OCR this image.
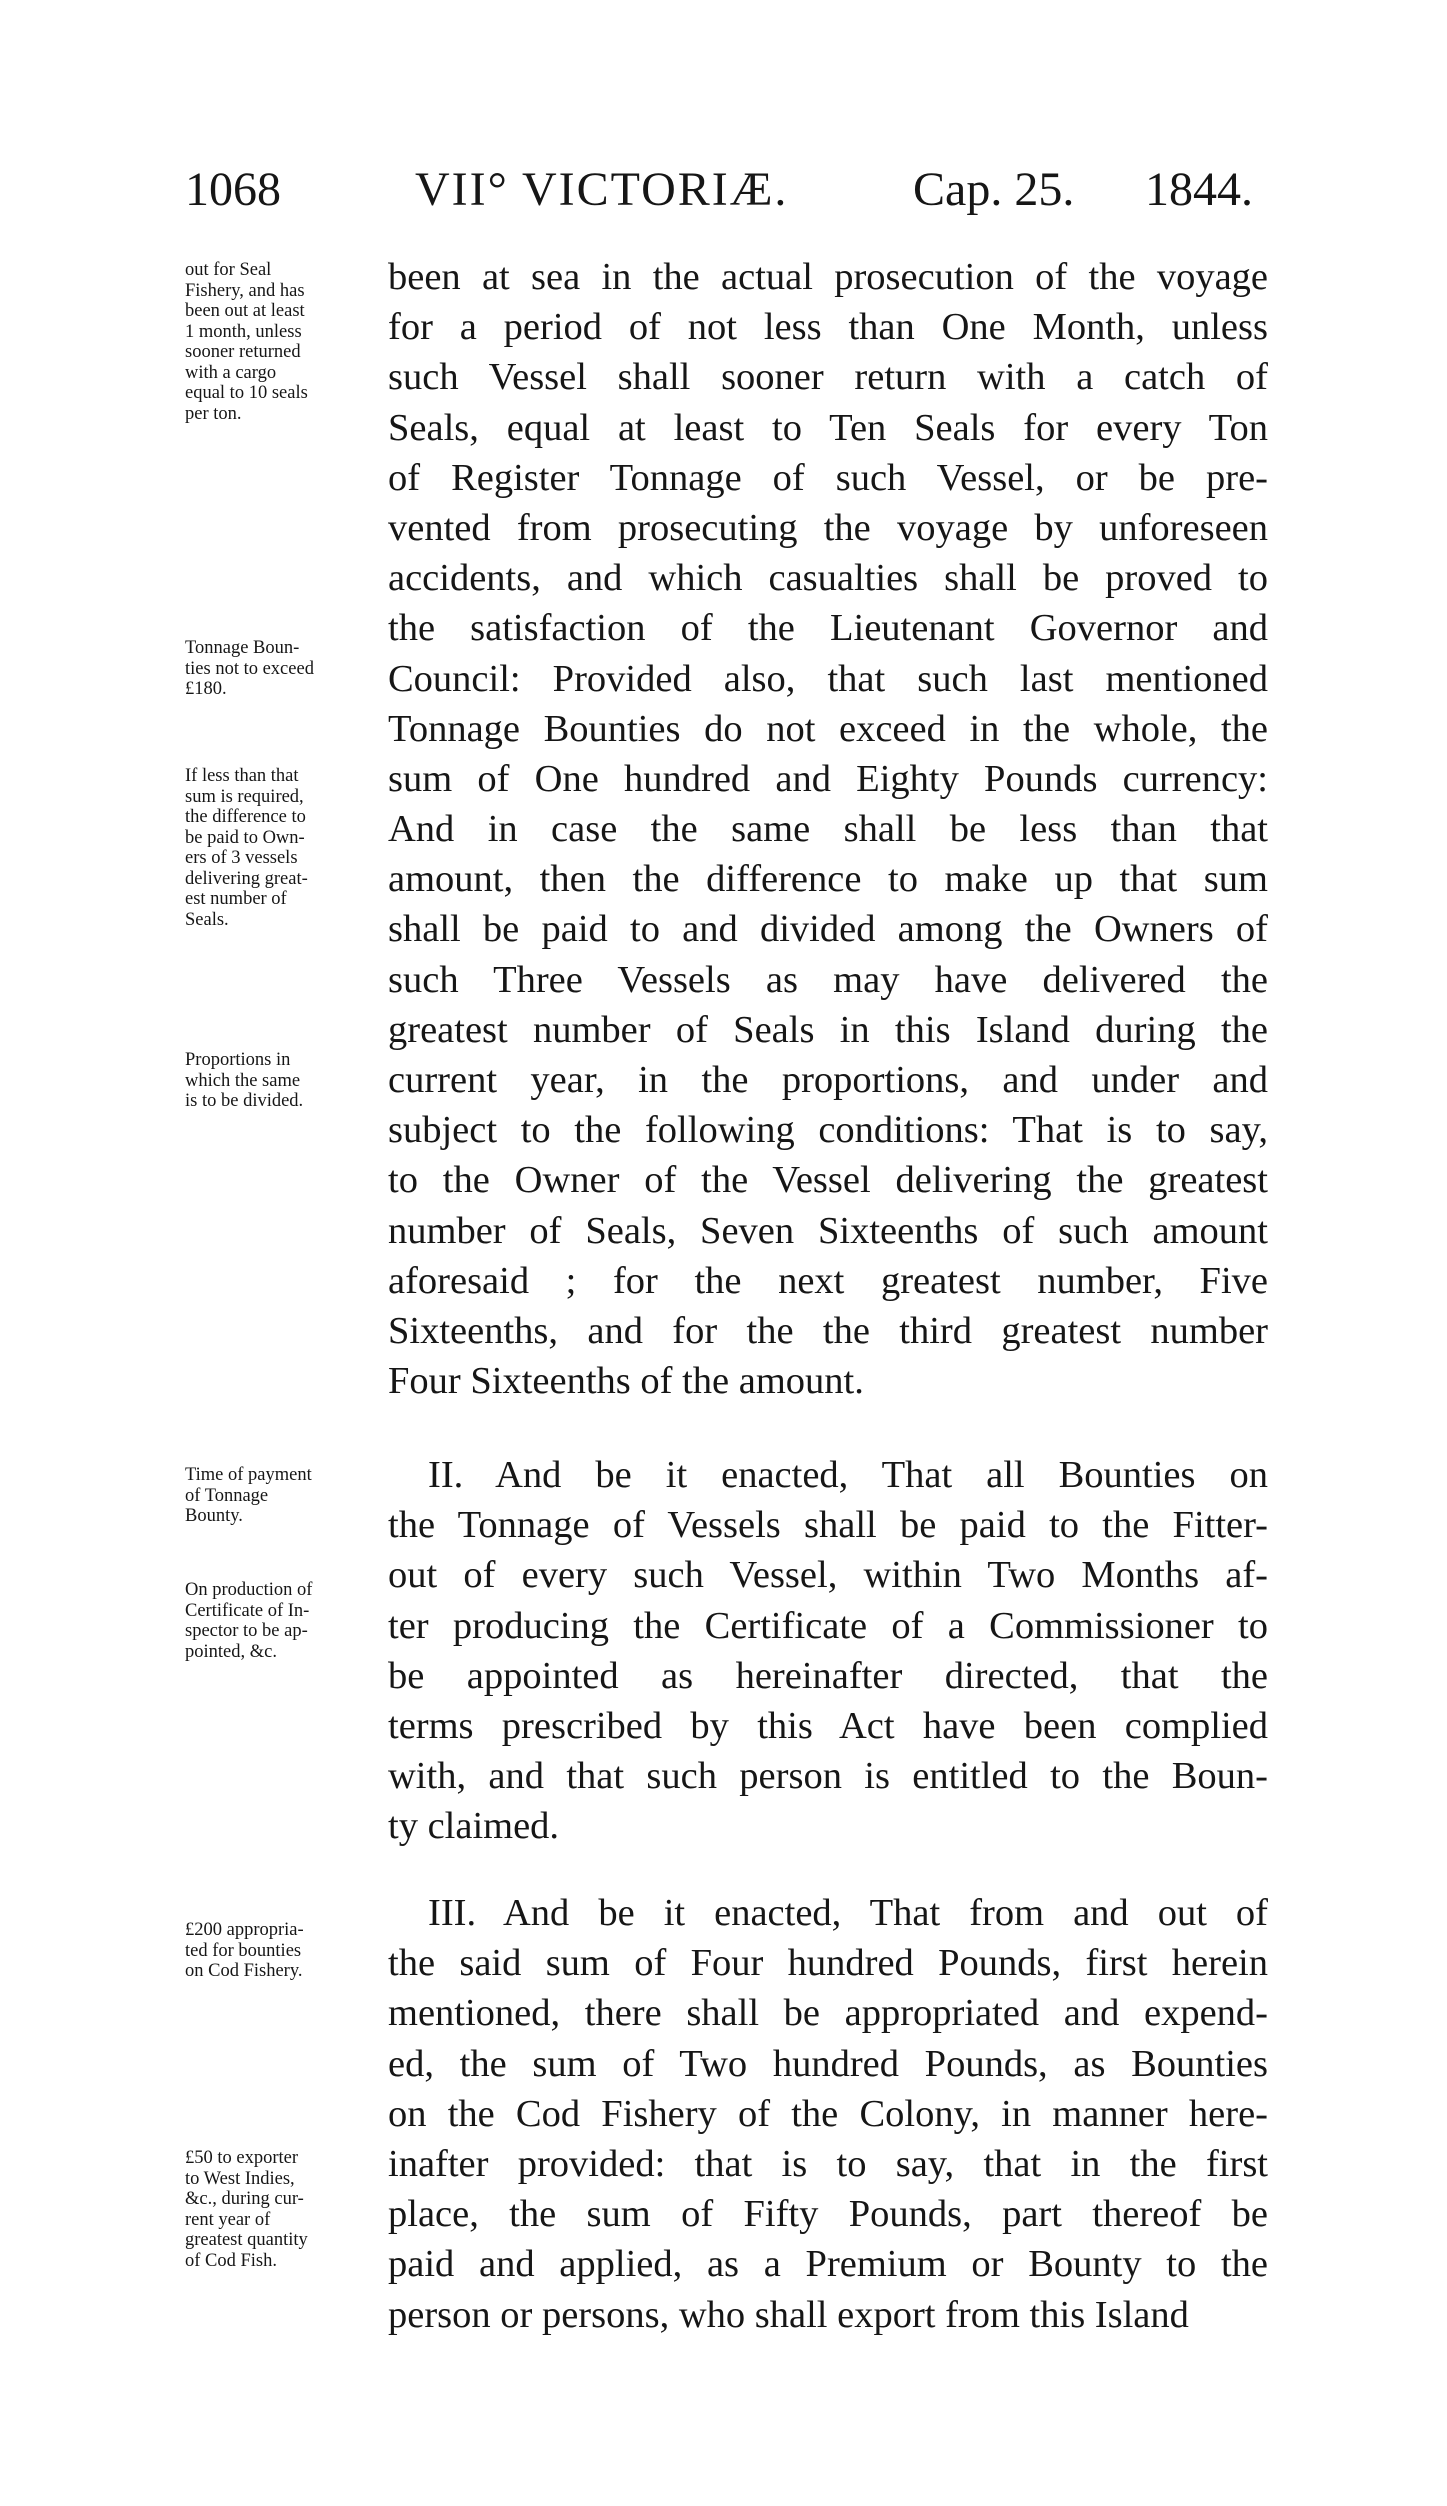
1068	VII° VICTORIÆ.	Cap. 25. 1844.
been at sea in the actual prosecution of the voyage
for a period of not less than One Month, unless
such Vessel shall sooner return with a catch of
Seals, equal at least to Ten Seals for every Ton
of Register Tonnage of such Vessel, or be pre-
vented from prosecuting the voyage by unforeseen
accidents, and which casualties shall be proved to
the satisfaction of the Lieutenant Governor and
Council: Provided also, that such last mentioned
Tonnage Bounties do not exceed in the whole, the
sum of One hundred and Eighty Pounds currency:
And in case the same shall be less than that
amount, then the difference to make up that sum
shall be paid to and divided among the Owners of
such Three Vessels as may have delivered the
greatest number of Seals in this Island during the
current year, in the proportions, and under and
subject to the following conditions: That is to say,
to the Owner of the Vessel delivering the greatest
number of Seals, Seven Sixteenths of such amount
aforesaid ; for the next greatest number, Five
Sixteenths, and for the the third greatest number
Four Sixteenths of the amount.
II. And be it enacted, That all Bounties on
the Tonnage of Vessels shall be paid to the Fitter-
out of every such Vessel, within Two Months af-
ter producing the Certificate of a Commissioner to
be appointed as hereinafter directed, that the
terms prescribed by this Act have been complied
with, and that such person is entitled to the Boun-
ty claimed.
III. And be it enacted, That from and out of
the said sum of Four hundred Pounds, first herein
mentioned, there shall be appropriated and expend-
ed, the sum of Two hundred Pounds, as Bounties
on the Cod Fishery of the Colony, in manner here-
inafter provided: that is to say, that in the first
place, the sum of Fifty Pounds, part thereof be
paid and applied, as a Premium or Bounty to the
person or persons, who shall export from this Island
out for Seal
Fishery, and has
been out at least
1 month, unless
sooner returned
with a cargo
equal to 10 seals
per ton.
Tonnage Boun-
ties not to exceed
£180.
If less than that
sum is required,
the difference to
be paid to Own-
ers of 3 vessels
delivering great-
est number of
Seals.
Proportions in
which the same
is to be divided.
Time of payment
of Tonnage
Bounty.
On production of
Certificate of In-
spector to be ap-
pointed, &c.
£200 appropria-
ted for bounties
on Cod Fishery.
£50 to exporter
to West Indies,
&c., during cur-
rent year of
greatest quantity
of Cod Fish.
